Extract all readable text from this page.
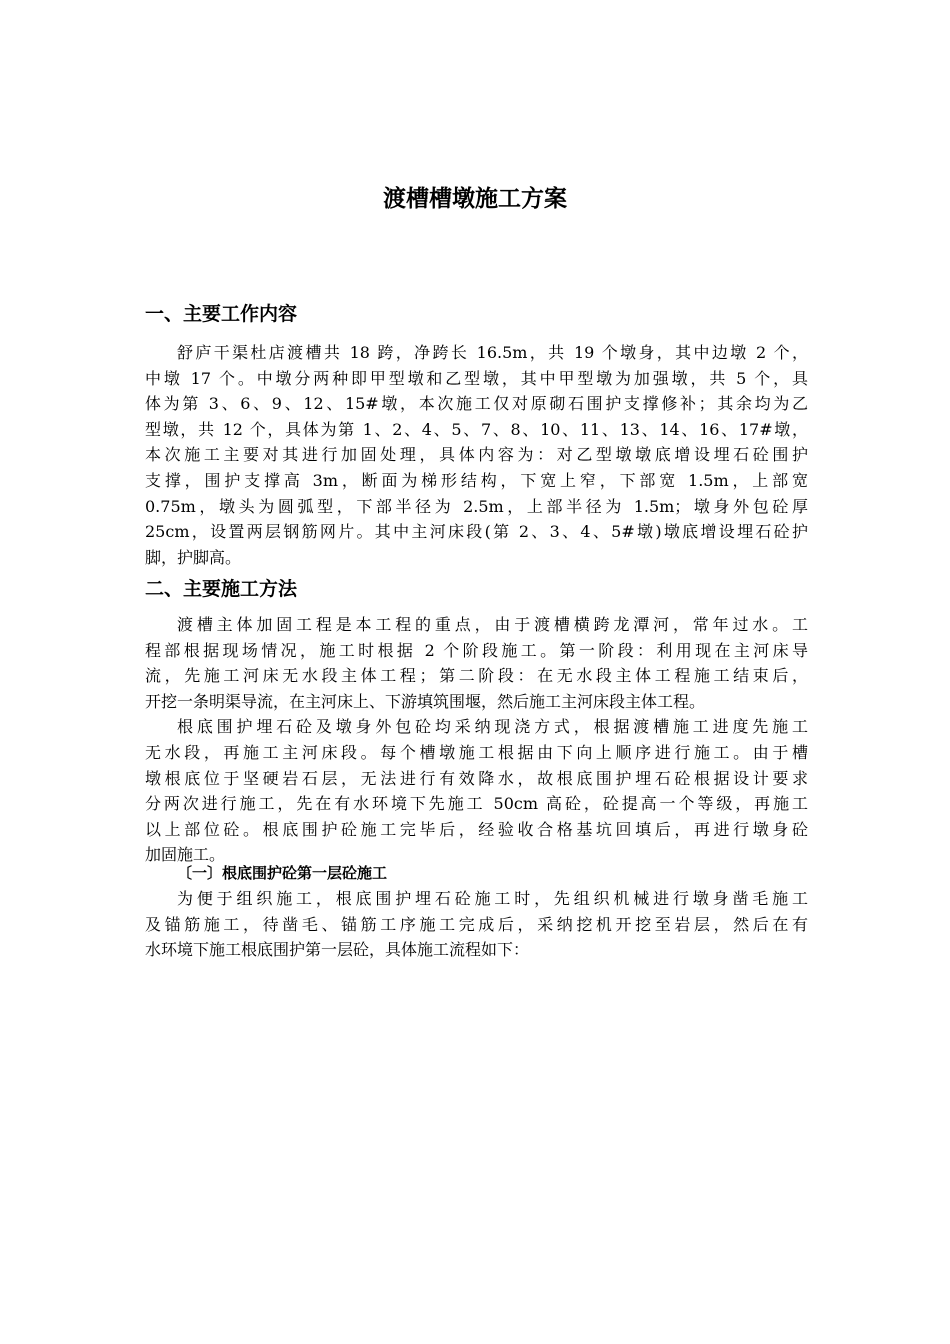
渡槽槽墩施工方案
一、主要工作内容
舒庐干渠杜店渡槽共 18 跨，净跨长 16.5m，共 19 个墩身，其中边墩 2 个，
中墩 17 个。中墩分两种即甲型墩和乙型墩，其中甲型墩为加强墩，共 5 个，具
体为第 3、6、9、12、15#墩，本次施工仅对原砌石围护支撑修补；其余均为乙
型墩，共 12 个，具体为第 1、2、4、5、7、8、10、11、13、14、16、17#墩，
本次施工主要对其进行加固处理，具体内容为：对乙型墩墩底增设埋石砼围护
支撑，围护支撑高 3m，断面为梯形结构，下宽上窄，下部宽 1.5m，上部宽
0.75m，墩头为圆弧型，下部半径为 2.5m，上部半径为 1.5m；墩身外包砼厚
25cm，设置两层钢筋网片。其中主河床段(第 2、3、4、5#墩)墩底增设埋石砼护
脚，护脚高。
二、主要施工方法
渡槽主体加固工程是本工程的重点，由于渡槽横跨龙潭河，常年过水。工
程部根据现场情况，施工时根据 2 个阶段施工。第一阶段：利用现在主河床导
流，先施工河床无水段主体工程；第二阶段：在无水段主体工程施工结束后，
开挖一条明渠导流，在主河床上、下游填筑围堰，然后施工主河床段主体工程。
根底围护埋石砼及墩身外包砼均采纳现浇方式，根据渡槽施工进度先施工
无水段，再施工主河床段。每个槽墩施工根据由下向上顺序进行施工。由于槽
墩根底位于坚硬岩石层，无法进行有效降水，故根底围护埋石砼根据设计要求
分两次进行施工，先在有水环境下先施工 50cm 高砼，砼提高一个等级，再施工
以上部位砼。根底围护砼施工完毕后，经验收合格基坑回填后，再进行墩身砼
加固施工。
〔一〕根底围护砼第一层砼施工
为便于组织施工，根底围护埋石砼施工时，先组织机械进行墩身凿毛施工
及锚筋施工，待凿毛、锚筋工序施工完成后，采纳挖机开挖至岩层，然后在有
水环境下施工根底围护第一层砼，具体施工流程如下：
